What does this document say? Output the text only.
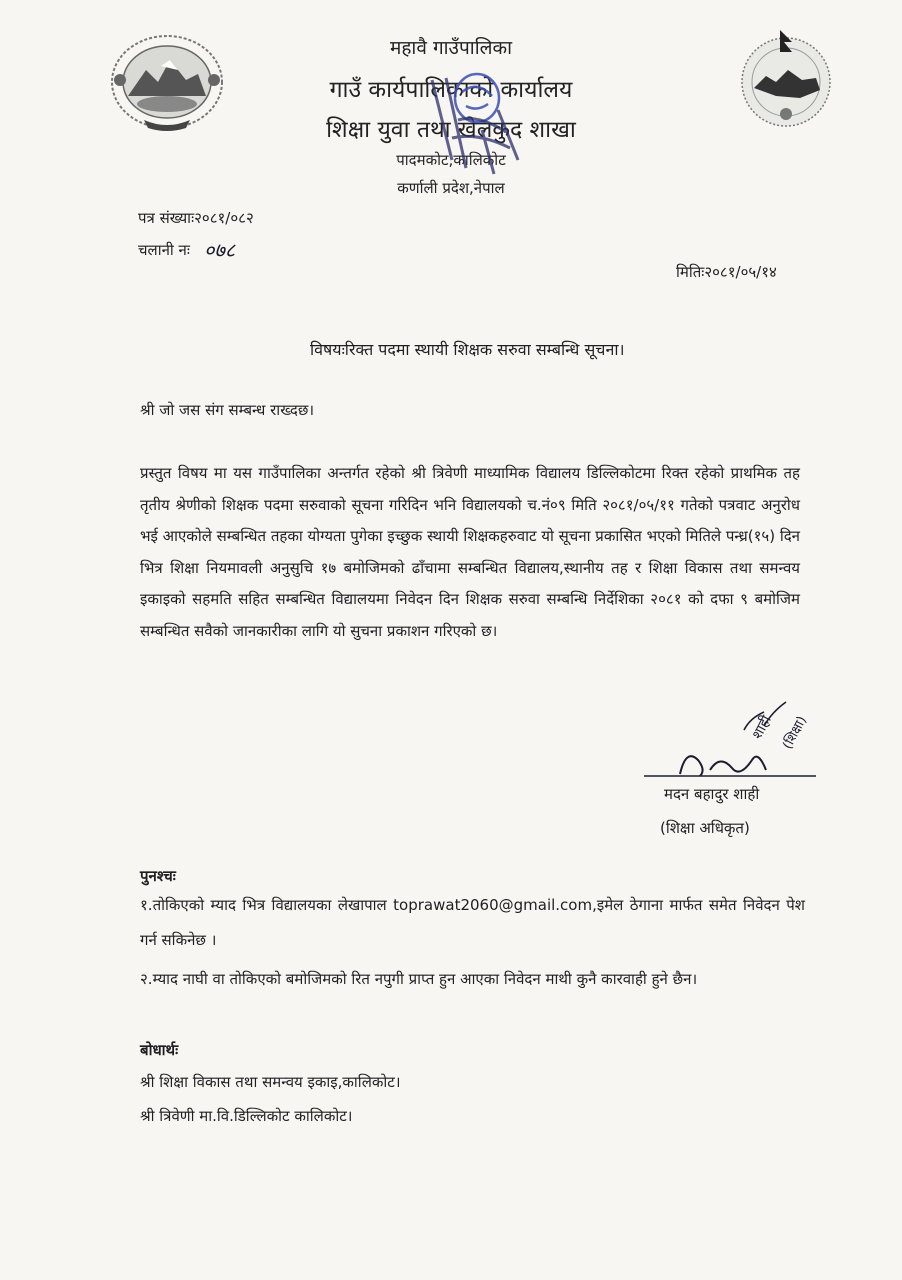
महावै गाउँपालिका
गाउँ कार्यपालिकाको कार्यालय
शिक्षा युवा तथा खेलकुद शाखा
पादमकोट,कालिकोट
कर्णाली प्रदेश,नेपाल
पत्र संख्याः२०८१/०८२
चलानी नः ०७८
मितिः२०८१/०५/१४
विषयःरिक्त पदमा स्थायी शिक्षक सरुवा सम्बन्धि सूचना।
श्री जो जस संग सम्बन्ध राख्दछ।
प्रस्तुत विषय मा यस गाउँपालिका अन्तर्गत रहेको श्री त्रिवेणी माध्यामिक विद्यालय डिल्लिकोटमा रिक्त रहेको प्राथमिक तह तृतीय श्रेणीको शिक्षक पदमा सरुवाको सूचना गरिदिन भनि विद्यालयको च.नं०९ मिति २०८१/०५/११ गतेको पत्रवाट अनुरोध भई आएकोले सम्बन्धित तहका योग्यता पुगेका इच्छुक स्थायी शिक्षकहरुवाट यो सूचना प्रकासित भएको मितिले पन्ध्र(१५) दिन भित्र शिक्षा नियमावली अनुसुचि १७ बमोजिमको ढाँचामा सम्बन्धित विद्यालय,स्थानीय तह र शिक्षा विकास तथा समन्वय इकाइको सहमति सहित सम्बन्धित विद्यालयमा निवेदन दिन शिक्षक सरुवा सम्बन्धि निर्देशिका २०८१ को दफा ९ बमोजिम सम्बन्धित सवैको जानकारीका लागि यो सुचना प्रकाशन गरिएको छ।
शाही (शिक्षा)
मदन बहादुर शाही
(शिक्षा अधिकृत)
पुनश्चः
१.तोकिएको म्याद भित्र विद्यालयका लेखापाल toprawat2060@gmail.com,इमेल ठेगाना मार्फत समेत निवेदन पेश गर्न सकिनेछ ।
२.म्याद नाघी वा तोकिएको बमोजिमको रित नपुगी प्राप्त हुन आएका निवेदन माथी कुनै कारवाही हुने छैन।
बोधार्थः
श्री शिक्षा विकास तथा समन्वय इकाइ,कालिकोट।
श्री त्रिवेणी मा.वि.डिल्लिकोट कालिकोट।
